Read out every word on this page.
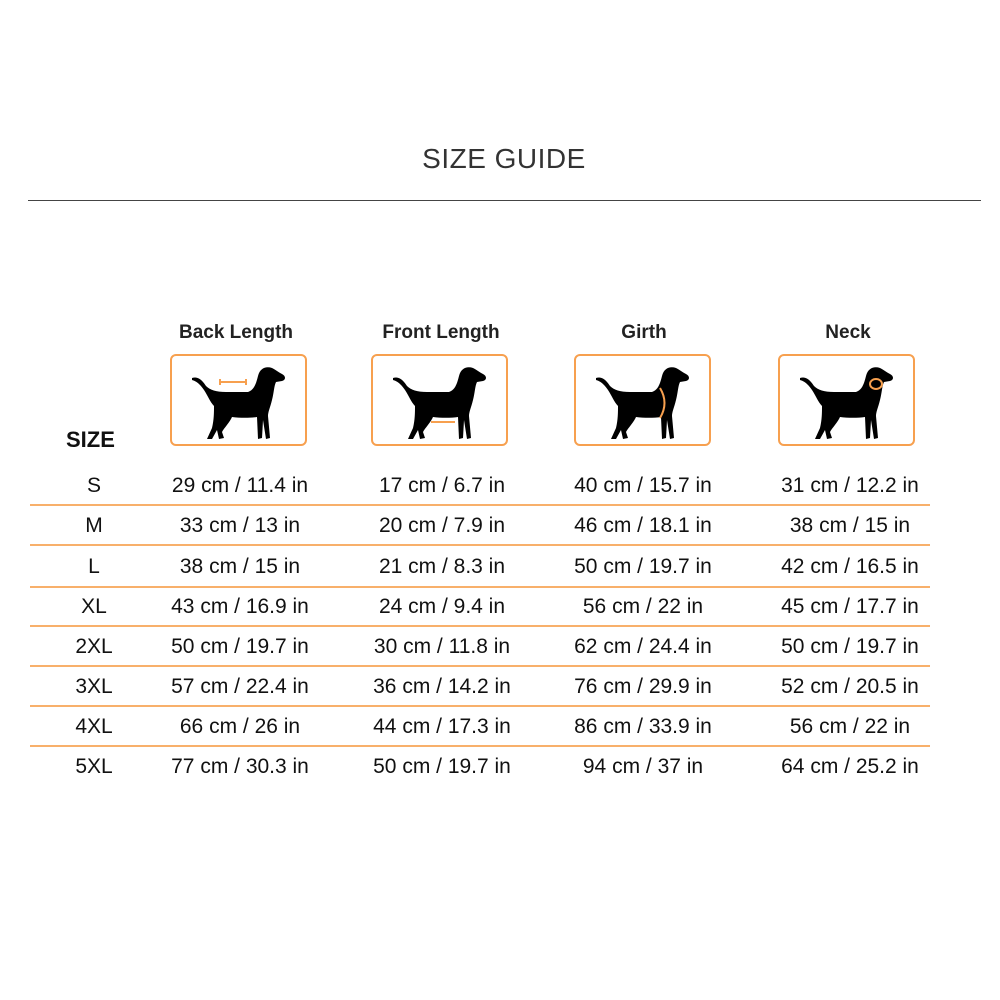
SIZE GUIDE
Back Length	Front Length	Girth	Neck
SIZE
S	29 cm / 11.4 in	17 cm / 6.7 in	40 cm / 15.7 in	31 cm / 12.2 in
M	33 cm / 13 in	20 cm / 7.9 in	46 cm / 18.1 in	38 cm / 15 in
L	38 cm / 15 in	21 cm / 8.3 in	50 cm / 19.7 in	42 cm / 16.5 in
XL	43 cm / 16.9 in	24 cm / 9.4 in	56 cm / 22 in	45 cm / 17.7 in
2XL	50 cm / 19.7 in	30 cm / 11.8 in	62 cm / 24.4 in	50 cm / 19.7 in
3XL	57 cm / 22.4 in	36 cm / 14.2 in	76 cm / 29.9 in	52 cm / 20.5 in
4XL	66 cm / 26 in	44 cm / 17.3 in	86 cm / 33.9 in	56 cm / 22 in
5XL	77 cm / 30.3 in	50 cm / 19.7 in	94 cm / 37 in	64 cm / 25.2 in
